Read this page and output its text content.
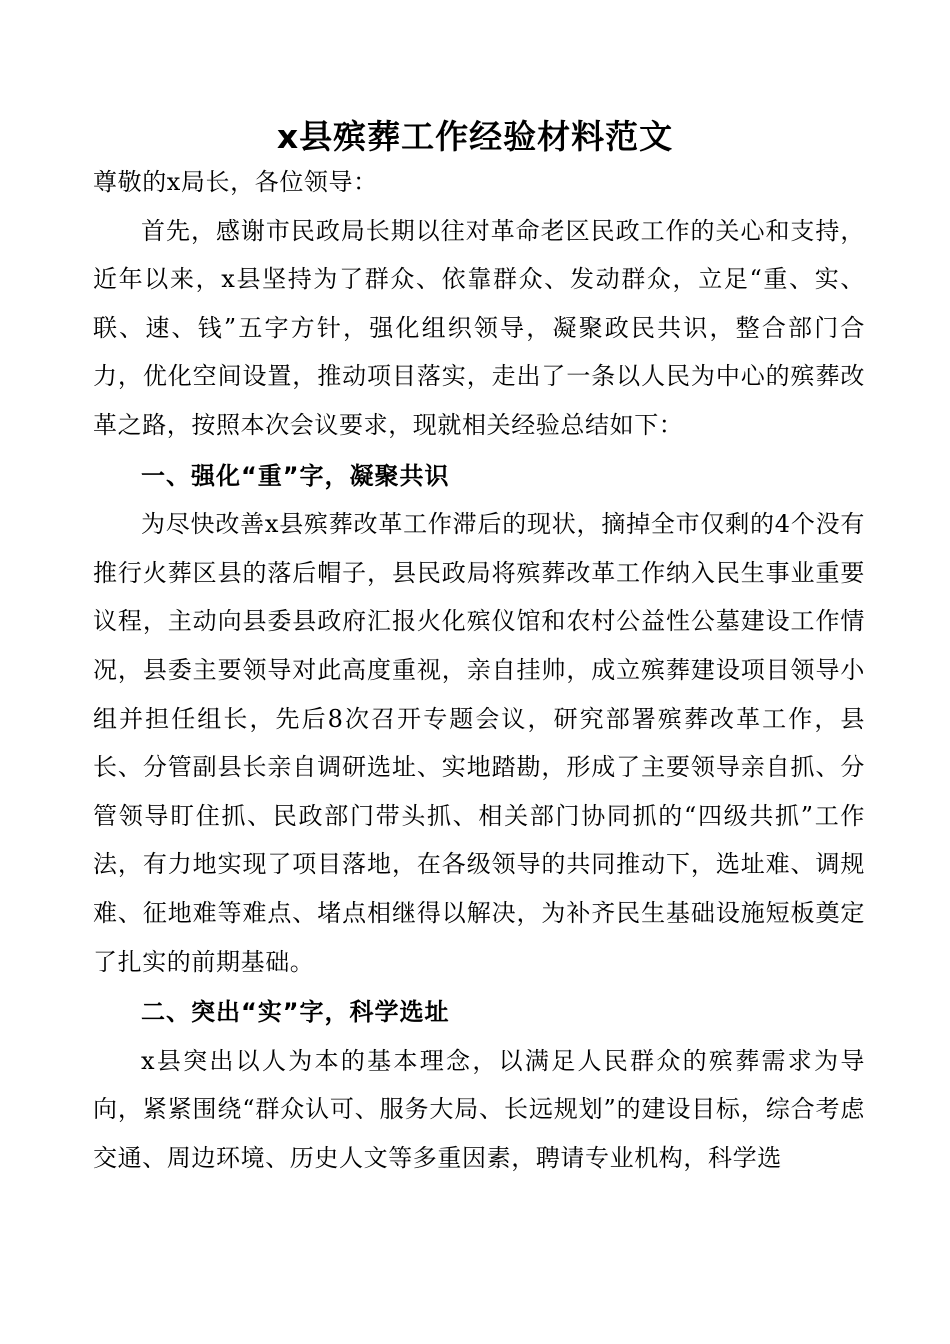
x县殡葬工作经验材料范文

尊敬的x局长，各位领导：

首先，感谢市民政局长期以往对革命老区民政工作的关心和支持，近年以来，x县坚持为了群众、依靠群众、发动群众，立足“重、实、联、速、钱”五字方针，强化组织领导，凝聚政民共识，整合部门合力，优化空间设置，推动项目落实，走出了一条以人民为中心的殡葬改革之路，按照本次会议要求，现就相关经验总结如下：

一、强化“重”字，凝聚共识

为尽快改善x县殡葬改革工作滞后的现状，摘掉全市仅剩的4个没有推行火葬区县的落后帽子，县民政局将殡葬改革工作纳入民生事业重要议程，主动向县委县政府汇报火化殡仪馆和农村公益性公墓建设工作情况，县委主要领导对此高度重视，亲自挂帅，成立殡葬建设项目领导小组并担任组长，先后8次召开专题会议，研究部署殡葬改革工作，县长、分管副县长亲自调研选址、实地踏勘，形成了主要领导亲自抓、分管领导盯住抓、民政部门带头抓、相关部门协同抓的“四级共抓”工作法，有力地实现了项目落地，在各级领导的共同推动下，选址难、调规难、征地难等难点、堵点相继得以解决，为补齐民生基础设施短板奠定了扎实的前期基础。

二、突出“实”字，科学选址

x县突出以人为本的基本理念，以满足人民群众的殡葬需求为导向，紧紧围绕“群众认可、服务大局、长远规划”的建设目标，综合考虑交通、周边环境、历史人文等多重因素，聘请专业机构，科学选
